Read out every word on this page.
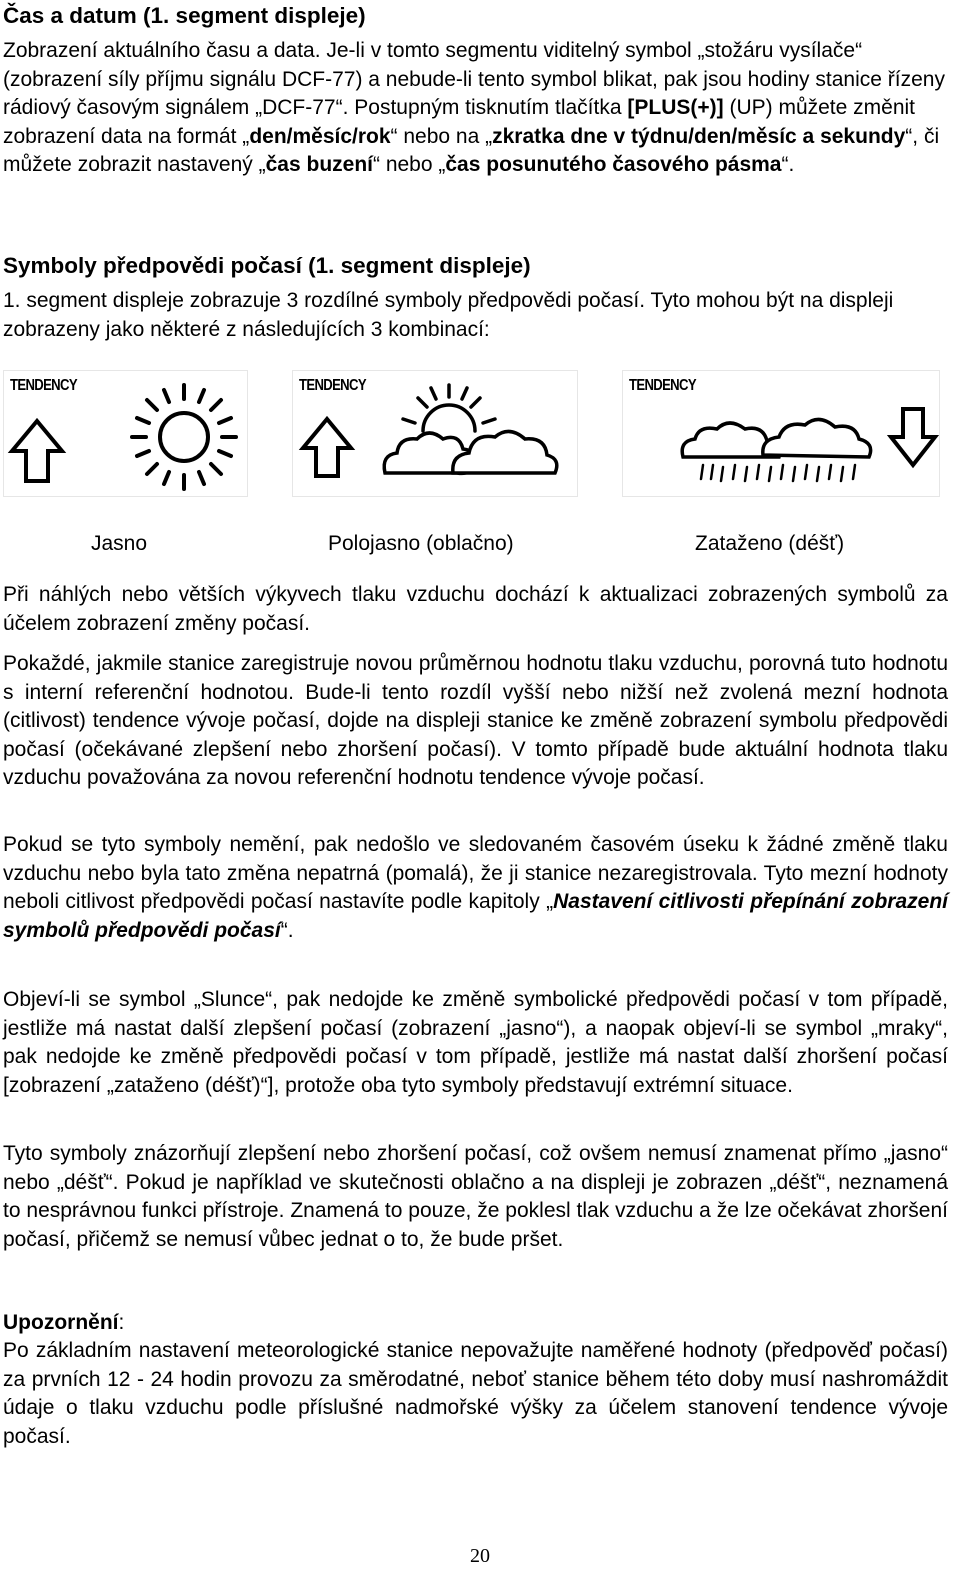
Čas a datum (1. segment displeje)
Zobrazení aktuálního času a data. Je-li v tomto segmentu viditelný symbol „stožáru vysílače“ (zobrazení síly příjmu signálu DCF-77) a nebude-li tento symbol blikat, pak jsou hodiny stanice řízeny rádiový časovým signálem „DCF-77“. Postupným tisknutím tlačítka [PLUS(+)] (UP) můžete změnit zobrazení data na formát „den/měsíc/rok“ nebo na „zkratka dne v týdnu/den/měsíc a sekundy“, či můžete zobrazit nastavený „čas buzení“ nebo „čas posunutého časového pásma“.
Symboly předpovědi počasí (1. segment displeje)
1. segment displeje zobrazuje 3 rozdílné symboly předpovědi počasí. Tyto mohou být na displeji zobrazeny jako některé z následujících 3 kombinací:
TENDENCY	TENDENCY	TENDENCY
Jasno	Polojasno (oblačno)	Zataženo (déšť)
Při náhlých nebo větších výkyvech tlaku vzduchu dochází k aktualizaci zobrazených symbolů za účelem zobrazení změny počasí.
Pokaždé, jakmile stanice zaregistruje novou průměrnou hodnotu tlaku vzduchu, porovná tuto hodnotu s interní referenční hodnotou. Bude-li tento rozdíl vyšší nebo nižší než zvolená mezní hodnota (citlivost) tendence vývoje počasí, dojde na displeji stanice ke změně zobrazení symbolu předpovědi počasí (očekávané zlepšení nebo zhoršení počasí). V tomto případě bude aktuální hodnota tlaku vzduchu považována za novou referenční hodnotu tendence vývoje počasí.
Pokud se tyto symboly nemění, pak nedošlo ve sledovaném časovém úseku k žádné změně tlaku vzduchu nebo byla tato změna nepatrná (pomalá), že ji stanice nezaregistrovala. Tyto mezní hodnoty neboli citlivost předpovědi počasí nastavíte podle kapitoly „Nastavení citlivosti přepínání zobrazení symbolů předpovědi počasí“.
Objeví-li se symbol „Slunce“, pak nedojde ke změně symbolické předpovědi počasí v tom případě, jestliže má nastat další zlepšení počasí (zobrazení „jasno“), a naopak objeví-li se symbol „mraky“, pak nedojde ke změně předpovědi počasí v tom případě, jestliže má nastat další zhoršení počasí [zobrazení „zataženo (déšť)“], protože oba tyto symboly představují extrémní situace.
Tyto symboly znázorňují zlepšení nebo zhoršení počasí, což ovšem nemusí znamenat přímo „jasno“ nebo „déšť“. Pokud je například ve skutečnosti oblačno a na displeji je zobrazen „déšť“, neznamená to nesprávnou funkci přístroje. Znamená to pouze, že poklesl tlak vzduchu a že lze očekávat zhoršení počasí, přičemž se nemusí vůbec jednat o to, že bude pršet.
Upozornění:
Po základním nastavení meteorologické stanice nepovažujte naměřené hodnoty (předpověď počasí) za prvních 12 - 24 hodin provozu za směrodatné, neboť stanice během této doby musí nashromáždit údaje o tlaku vzduchu podle příslušné nadmořské výšky za účelem stanovení tendence vývoje počasí.
20
